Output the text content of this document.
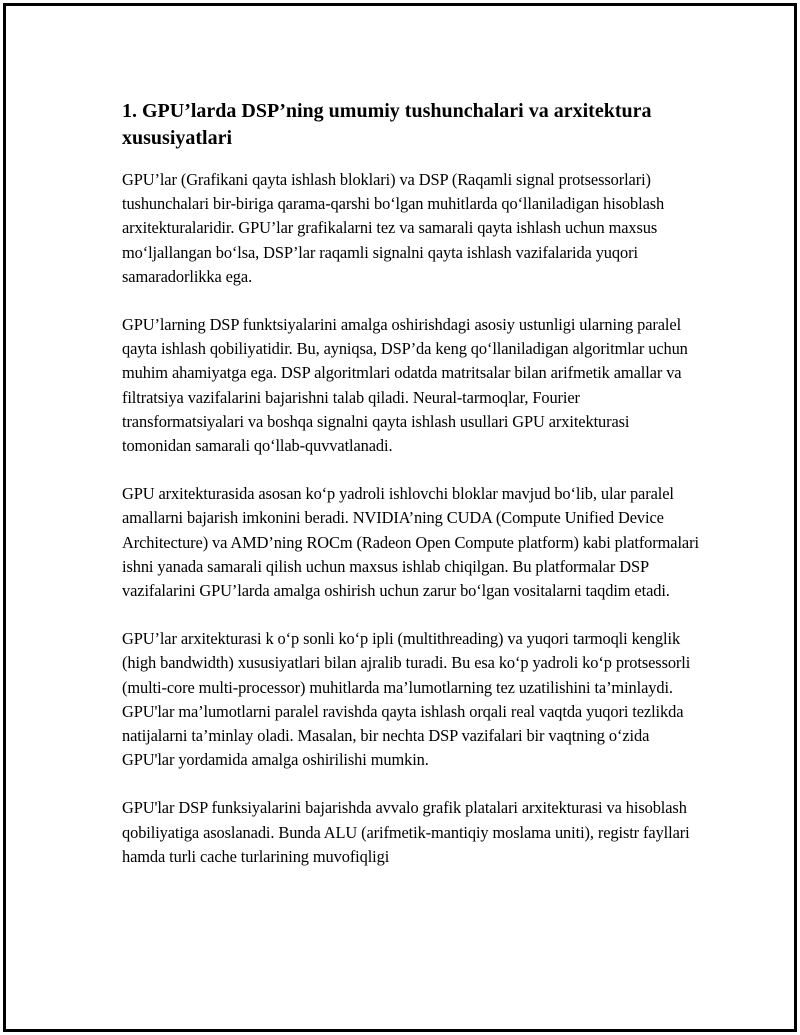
1. GPU’larda DSP’ning umumiy tushunchalari va arxitektura xususiyatlari

GPU’lar (Grafikani qayta ishlash bloklari) va DSP (Raqamli signal protsessorlari) tushunchalari bir-biriga qarama-qarshi bo‘lgan muhitlarda qo‘llaniladigan hisoblash arxitekturalaridir. GPU’lar grafikalarni tez va samarali qayta ishlash uchun maxsus mo‘ljallangan bo‘lsa, DSP’lar raqamli signalni qayta ishlash vazifalarida yuqori samaradorlikka ega.

GPU’larning DSP funktsiyalarini amalga oshirishdagi asosiy ustunligi ularning paralel qayta ishlash qobiliyatidir. Bu, ayniqsa, DSP’da keng qo‘llaniladigan algoritmlar uchun muhim ahamiyatga ega. DSP algoritmlari odatda matritsalar bilan arifmetik amallar va filtratsiya vazifalarini bajarishni talab qiladi. Neural-tarmoqlar, Fourier transformatsiyalari va boshqa signalni qayta ishlash usullari GPU arxitekturasi tomonidan samarali qo‘llab-quvvatlanadi.

GPU arxitekturasida asosan ko‘p yadroli ishlovchi bloklar mavjud bo‘lib, ular paralel amallarni bajarish imkonini beradi. NVIDIA’ning CUDA (Compute Unified Device Architecture) va AMD’ning ROCm (Radeon Open Compute platform) kabi platformalari ishni yanada samarali qilish uchun maxsus ishlab chiqilgan. Bu platformalar DSP vazifalarini GPU’larda amalga oshirish uchun zarur bo‘lgan vositalarni taqdim etadi.

GPU’lar arxitekturasi k o‘p sonli ko‘p ipli (multithreading) va yuqori tarmoqli kenglik (high bandwidth) xususiyatlari bilan ajralib turadi. Bu esa ko‘p yadroli ko‘p protsessorli (multi-core multi-processor) muhitlarda ma’lumotlarning tez uzatilishini ta’minlaydi. GPU'lar ma’lumotlarni paralel ravishda qayta ishlash orqali real vaqtda yuqori tezlikda natijalarni ta’minlay oladi. Masalan, bir nechta DSP vazifalari bir vaqtning o‘zida GPU'lar yordamida amalga oshirilishi mumkin.

GPU'lar DSP funksiyalarini bajarishda avvalo grafik platalari arxitekturasi va hisoblash qobiliyatiga asoslanadi. Bunda ALU (arifmetik-mantiqiy moslama uniti), registr fayllari hamda turli cache turlarining muvofiqligi
